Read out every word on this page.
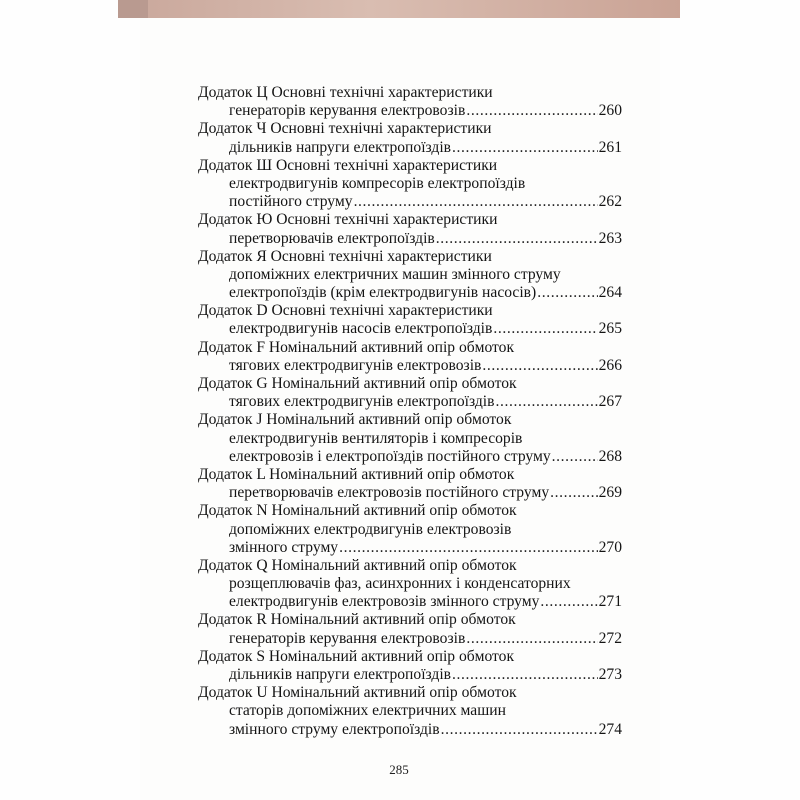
Додаток Ц Основні технічні характеристики
генераторів керування електровозів .....	260
Додаток Ч Основні технічні характеристики
дільників напруги електропоїздів .....	261
Додаток Ш Основні технічні характеристики
електродвигунів компресорів електропоїздів
постійного струму .....	262
Додаток Ю Основні технічні характеристики
перетворювачів електропоїздів .....	263
Додаток Я Основні технічні характеристики
допоміжних електричних машин змінного струму
електропоїздів (крім електродвигунів насосів) .....	264
Додаток D Основні технічні характеристики
електродвигунів насосів електропоїздів .....	265
Додаток F Номінальний активний опір обмоток
тягових електродвигунів електровозів .....	266
Додаток G Номінальний активний опір обмоток
тягових електродвигунів електропоїздів .....	267
Додаток J Номінальний активний опір обмоток
електродвигунів вентиляторів і компресорів
електровозів і електропоїздів постійного струму .....	268
Додаток L Номінальний активний опір обмоток
перетворювачів електровозів постійного струму .....	269
Додаток N Номінальний активний опір обмоток
допоміжних електродвигунів електровозів
змінного струму .....	270
Додаток Q Номінальний активний опір обмоток
розщеплювачів фаз, асинхронних і конденсаторних
електродвигунів електровозів змінного струму .....	271
Додаток R Номінальний активний опір обмоток
генераторів керування електровозів .....	272
Додаток S Номінальний активний опір обмоток
дільників напруги електропоїздів .....	273
Додаток U Номінальний активний опір обмоток
статорів допоміжних електричних машин
змінного струму електропоїздів .....	274
285
